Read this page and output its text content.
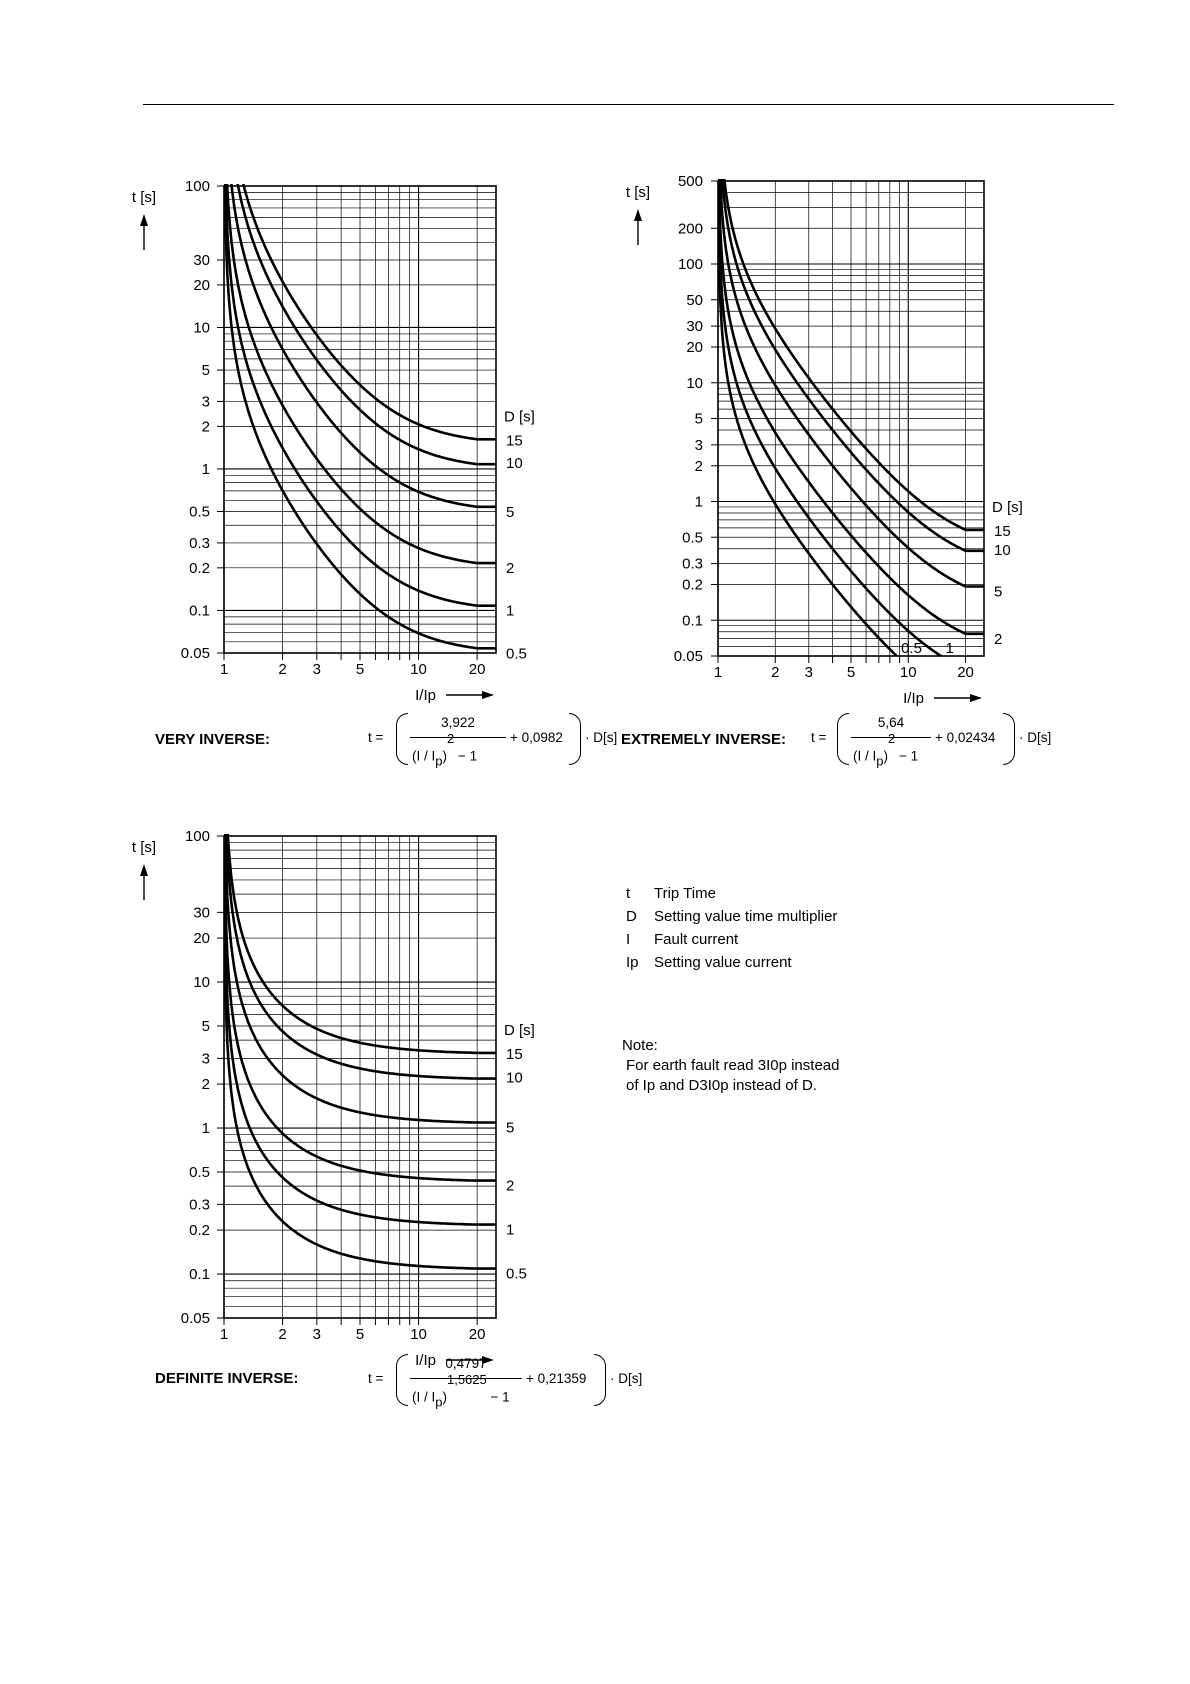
100
30
20
10
5
3
2
1
0.5
0.3
0.2
0.1
0.05
1	2 3 5	10	20
t [s]
I/Ip
15
10
5
2
1
0.5
D [s]
500
200
100
50
30
20
10
5
3
2
1
0.5
0.3
0.2
0.1
0.05
1	2 3 5	10	20
t [s]
I/Ip
15
10
5
2
1
0.5
D [s]
100
30
20
10
5
3
2
1
0.5
0.3
0.2
0.1
0.05
1	2 3 5	10	20
t [s]
I/Ip
15
10
5
2
1
0.5
D [s]
VERY INVERSE:	t =
3,922
$(I / I_p)^2 - 1$
+ 0,0982 · D[s] EXTREMELY INVERSE: t =
5,64
$(I / I_p)^2 - 1$
+ 0,02434 · D[s]
DEFINITE INVERSE:	t =
0,4797
$(I / I_p)^{1,5625} - 1$
+ 0,21359 · D[s]
t Trip Time
D Setting value time multiplier
I Fault current
Ip Setting value current
Note:
For earth fault read 3I0p instead
of Ip and D3I0p instead of D.
